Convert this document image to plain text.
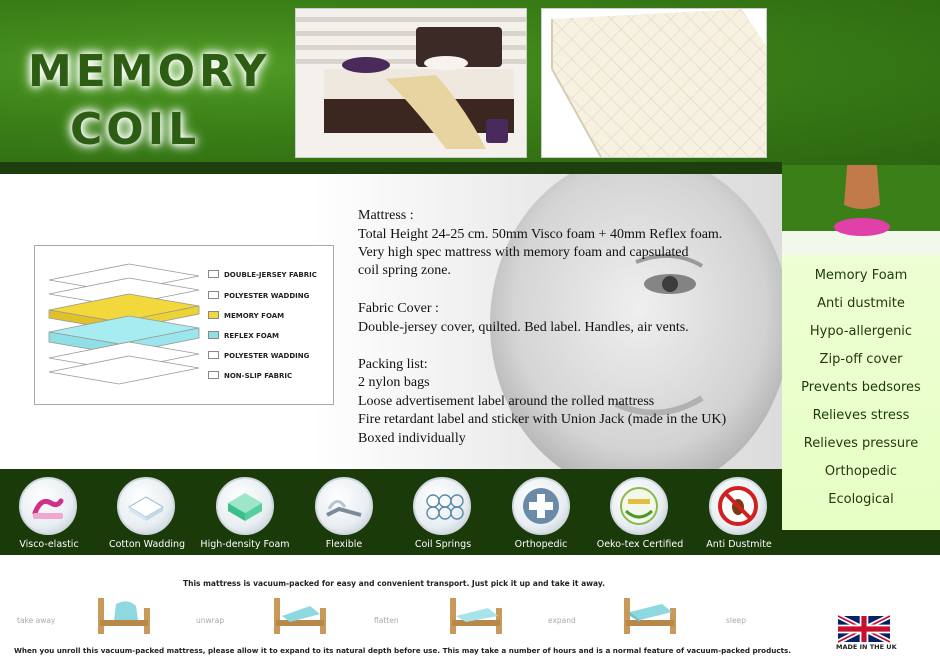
MEMORY
COIL
Memory Foam
Anti dustmite
Hypo-allergenic
Zip-off cover
Prevents bedsores
Relieves stress
Relieves pressure
Orthopedic
Ecological
DOUBLE-JERSEY FABRIC
POLYESTER WADDING
MEMORY FOAM
REFLEX FOAM
POLYESTER WADDING
NON-SLIP FABRIC
Mattress :
Total Height 24-25 cm. 50mm Visco foam + 40mm Reflex foam.
Very high spec mattress with memory foam and capsulated
coil spring zone.
Fabric Cover :
Double-jersey cover, quilted. Bed label. Handles, air vents.
Packing list:
2 nylon bags
Loose advertisement label around the rolled mattress
Fire retardant label and sticker with Union Jack (made in the UK)
Boxed individually
Visco-elastic	Cotton Wadding	High-density Foam	Flexible	Coil Springs	Orthopedic	Oeko-tex Certified	Anti Dustmite
This mattress is vacuum-packed for easy and convenient transport. Just pick it up and take it away.
take away	unwrap	flatten	expand	sleep
MADE IN THE UK
When you unroll this vacuum-packed mattress, please allow it to expand to its natural depth before use. This may take a number of hours and is a normal feature of vacuum-packed products.
